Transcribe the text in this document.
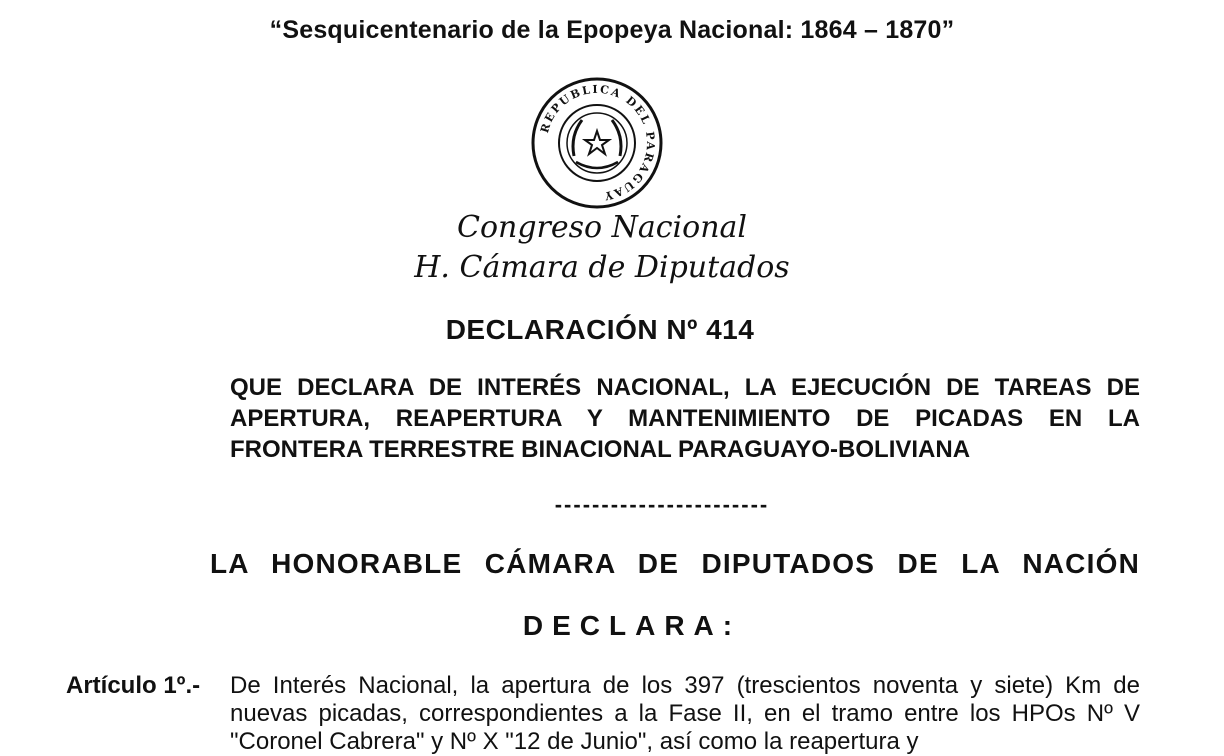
“Sesquicentenario de la Epopeya Nacional: 1864 – 1870”
REPUBLICA DEL PARAGUAY
Congreso Nacional
H. Cámara de Diputados
DECLARACIÓN Nº 414
QUE DECLARA DE INTERÉS NACIONAL, LA EJECUCIÓN DE TAREAS DE APERTURA, REAPERTURA Y MANTENIMIENTO DE PICADAS EN LA FRONTERA TERRESTRE BINACIONAL PARAGUAYO-BOLIVIANA
-----------------------
LA HONORABLE CÁMARA DE DIPUTADOS DE LA NACIÓN
DECLARA:
Artículo 1º.- De Interés Nacional, la apertura de los 397 (trescientos noventa y siete) Km de nuevas picadas, correspondientes a la Fase II, en el tramo entre los HPOs Nº V "Coronel Cabrera" y Nº X "12 de Junio", así como la reapertura y
